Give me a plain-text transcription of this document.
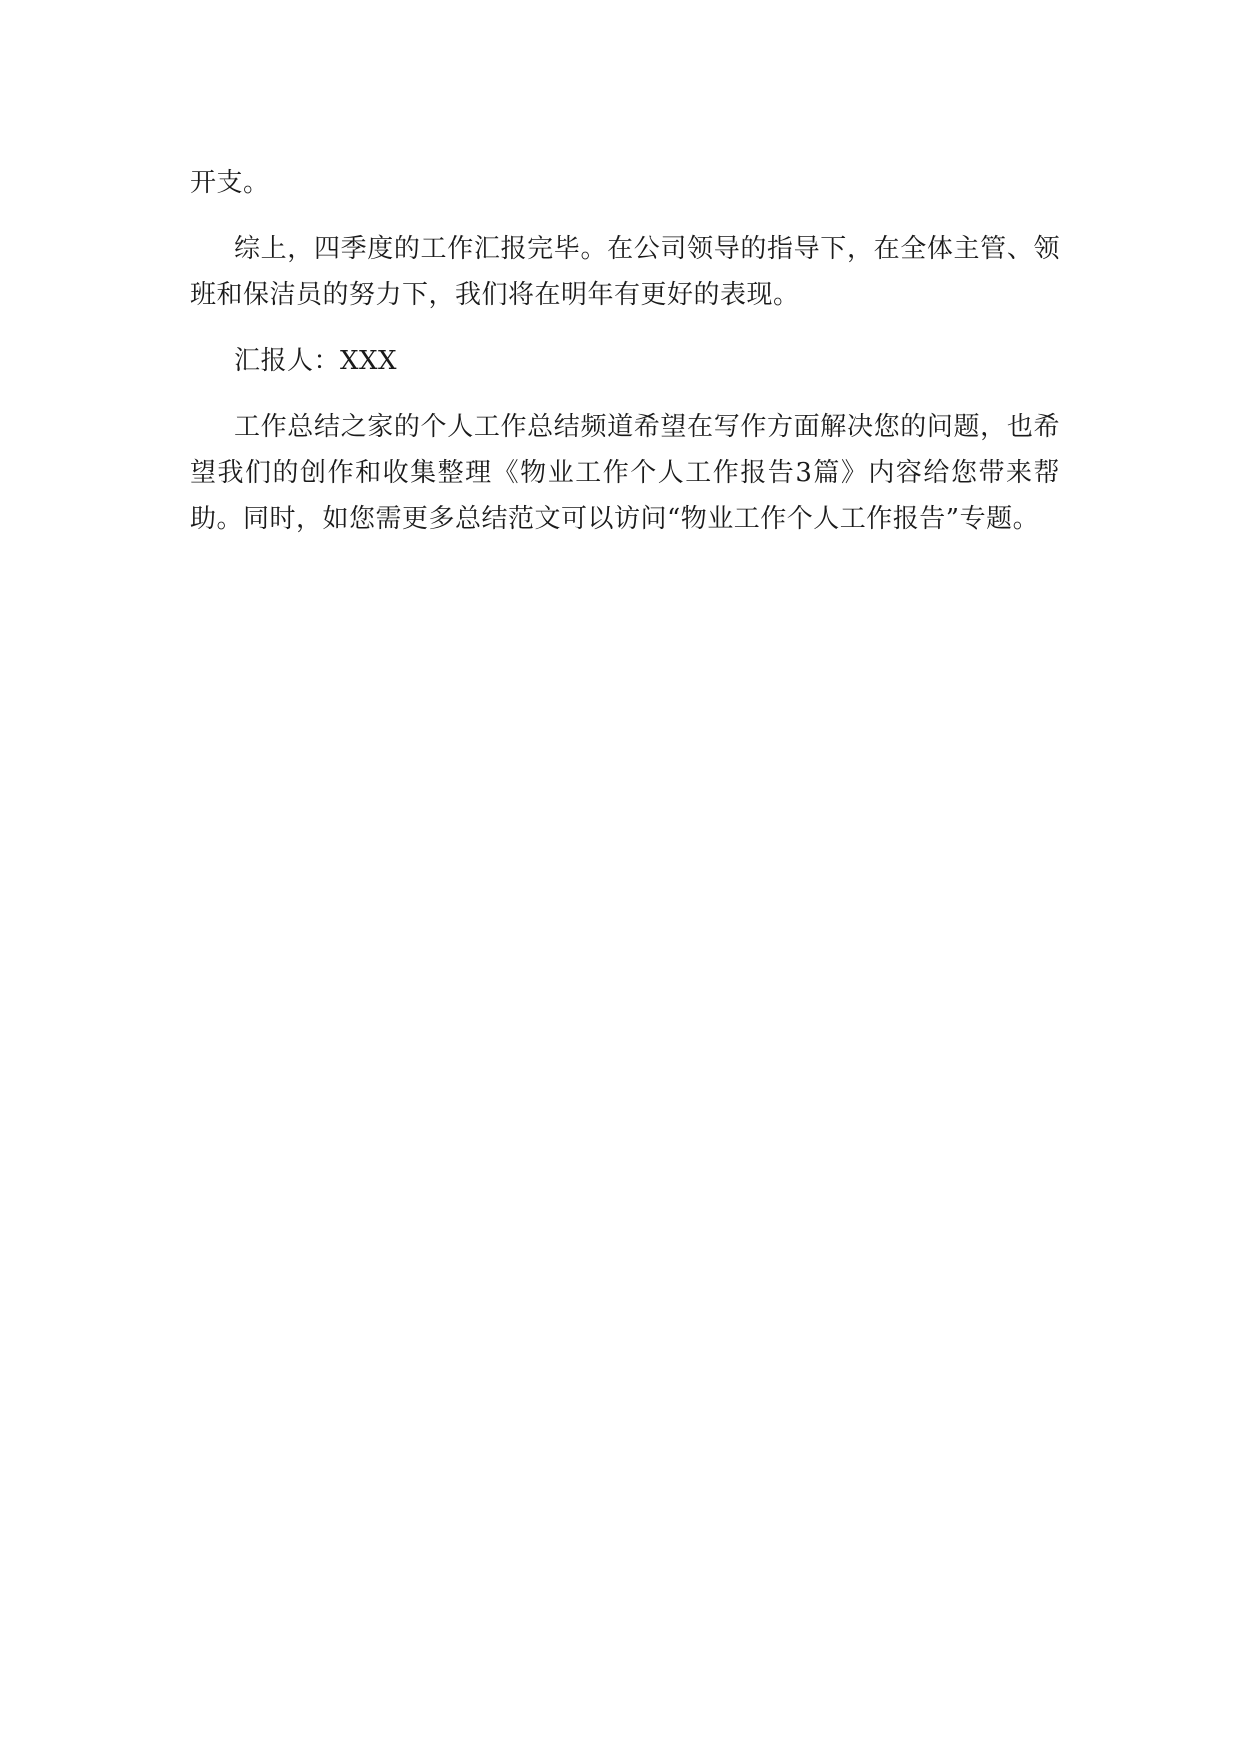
开支。

综上，四季度的工作汇报完毕。在公司领导的指导下，在全体主管、领班和保洁员的努力下，我们将在明年有更好的表现。

汇报人：XXX

工作总结之家的个人工作总结频道希望在写作方面解决您的问题，也希望我们的创作和收集整理《物业工作个人工作报告3篇》内容给您带来帮助。同时，如您需更多总结范文可以访问“物业工作个人工作报告”专题。
